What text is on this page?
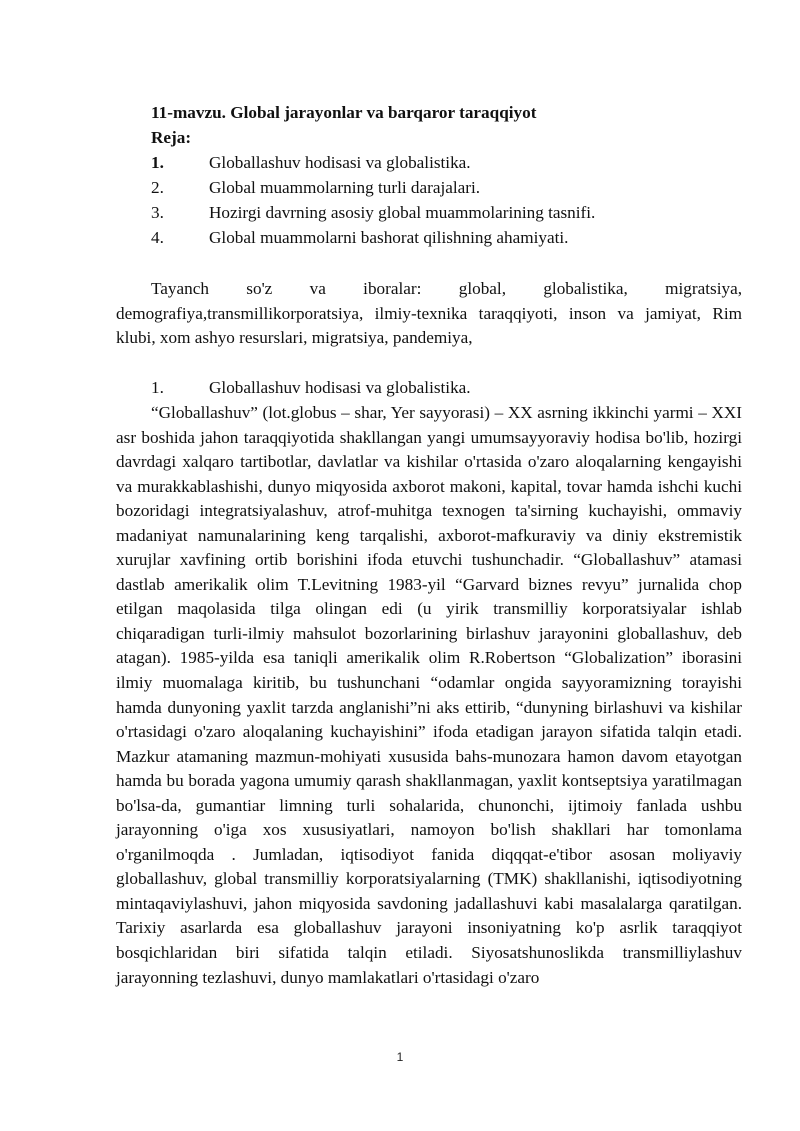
11-mavzu. Global jarayonlar va barqaror taraqqiyot
Reja:
1.	Globallashuv hodisasi va globalistika.
2.	Global muammolarning turli darajalari.
3.	Hozirgi davrning asosiy global muammolarining tasnifi.
4.	Global muammolarni bashorat qilishning ahamiyati.
Tayanch so'z va iboralar: global, globalistika, migratsiya, demografiya,transmillikorporatsiya, ilmiy-texnika taraqqiyoti, inson va jamiyat, Rim klubi, xom ashyo resurslari, migratsiya, pandemiya,
1.	Globallashuv hodisasi va globalistika.
“Globallashuv” (lot.globus – shar, Yer sayyorasi) – XX asrning ikkinchi yarmi – XXI asr boshida jahon taraqqiyotida shakllangan yangi umumsayyoraviy hodisa bo'lib, hozirgi davrdagi xalqaro tartibotlar, davlatlar va kishilar o'rtasida o'zaro aloqalarning kengayishi va murakkablashishi, dunyo miqyosida axborot makoni, kapital, tovar hamda ishchi kuchi bozoridagi integratsiyalashuv, atrof-muhitga texnogen ta'sirning kuchayishi, ommaviy madaniyat namunalarining keng tarqalishi, axborot-mafkuraviy va diniy ekstremistik xurujlar xavfining ortib borishini ifoda etuvchi tushunchadir. “Globallashuv” atamasi dastlab amerikalik olim T.Levitning 1983-yil “Garvard biznes revyu” jurnalida chop etilgan maqolasida tilga olingan edi (u yirik transmilliy korporatsiyalar ishlab chiqaradigan turli-ilmiy mahsulot bozorlarining birlashuv jarayonini globallashuv, deb atagan). 1985-yilda esa taniqli amerikalik olim R.Robertson “Globalization” iborasini ilmiy muomalaga kiritib, bu tushunchani “odamlar ongida sayyoramizning torayishi hamda dunyoning yaxlit tarzda anglanishi”ni aks ettirib, “dunyning birlashuvi va kishilar o'rtasidagi o'zaro aloqalaning kuchayishini” ifoda etadigan jarayon sifatida talqin etadi. Mazkur atamaning mazmun-mohiyati xususida bahs-munozara hamon davom etayotgan hamda bu borada yagona umumiy qarash shakllanmagan, yaxlit kontseptsiya yaratilmagan bo'lsa-da, gumantiar limning turli sohalarida, chunonchi, ijtimoiy fanlada ushbu jarayonning o'iga xos xususiyatlari, namoyon bo'lish shakllari har tomonlama o'rganilmoqda . Jumladan, iqtisodiyot fanida diqqqat-e'tibor asosan moliyaviy globallashuv, global transmilliy korporatsiyalarning (TMK) shakllanishi, iqtisodiyotning mintaqaviylashuvi, jahon miqyosida savdoning jadallashuvi kabi masalalarga qaratilgan. Tarixiy asarlarda esa globallashuv jarayoni insoniyatning ko'p asrlik taraqqiyot bosqichlaridan biri sifatida talqin etiladi. Siyosatshunoslikda transmilliylashuv jarayonning tezlashuvi, dunyo mamlakatlari o'rtasidagi o'zaro
1
